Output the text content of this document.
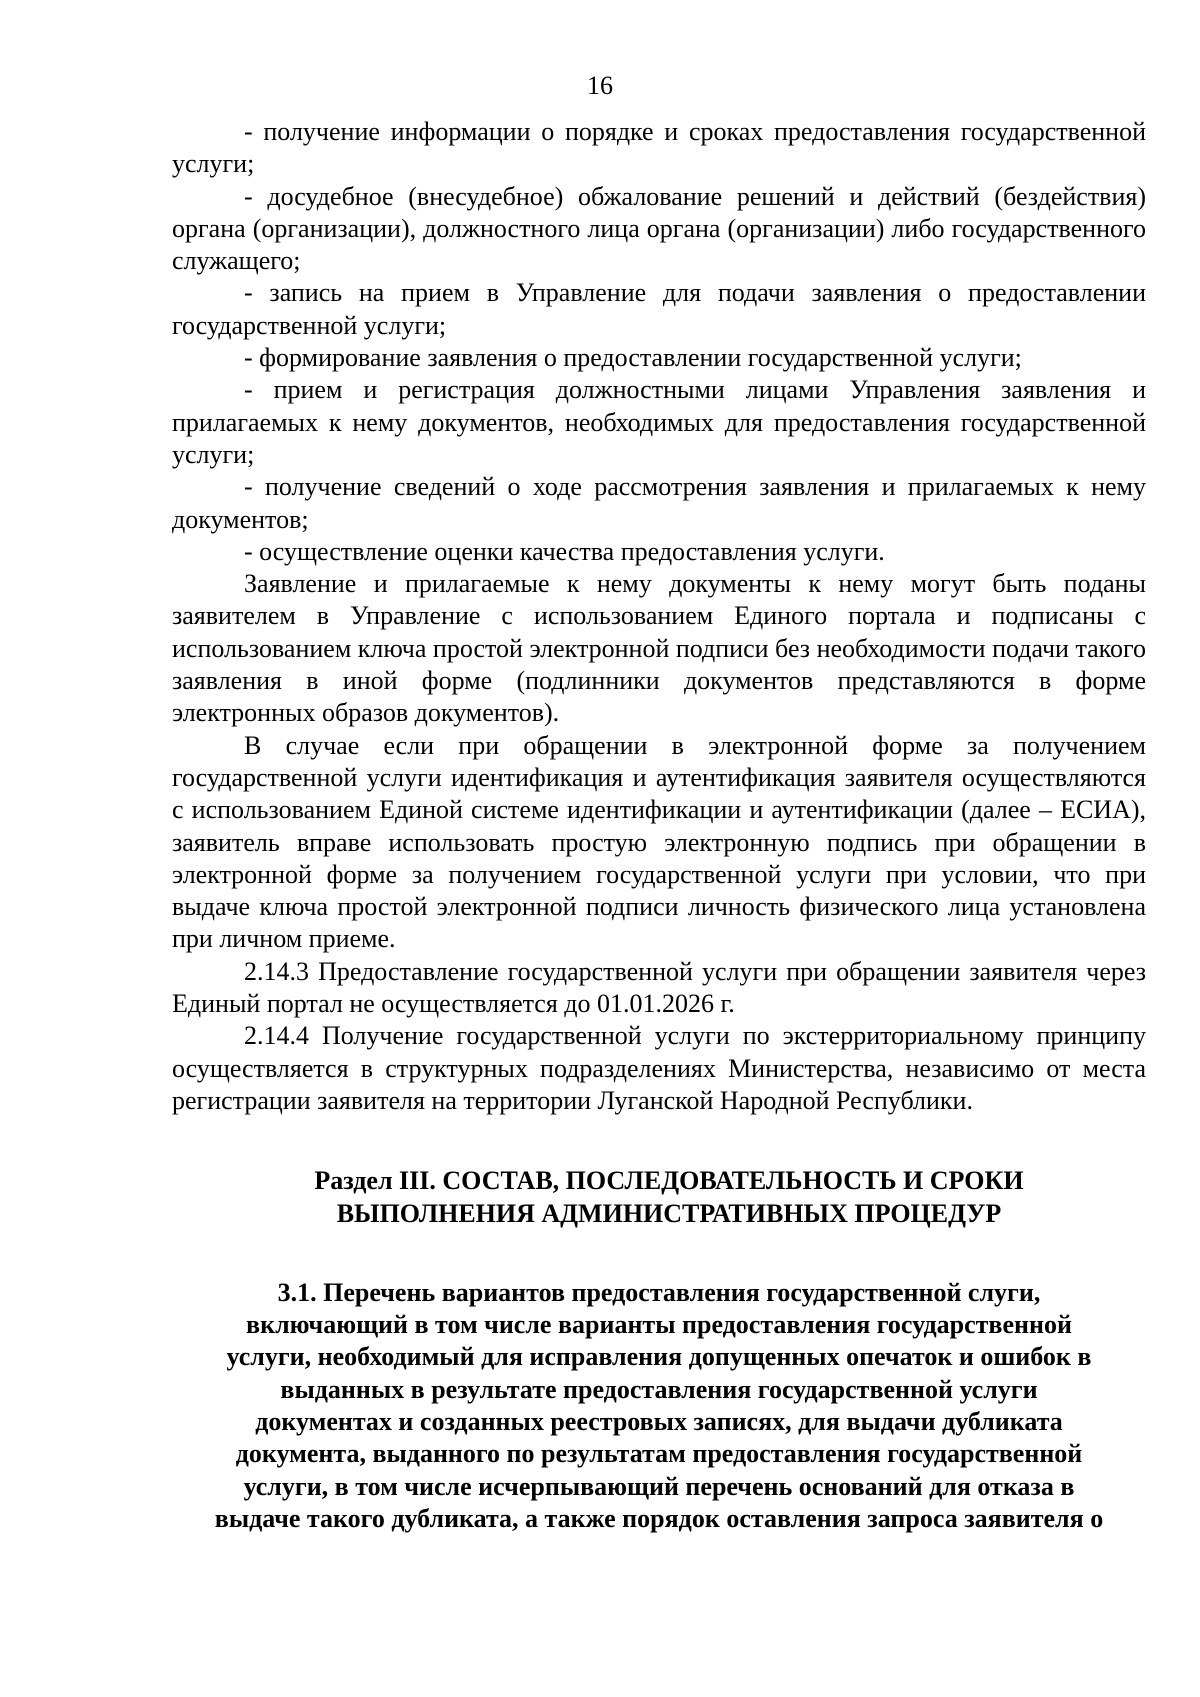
16

- получение информации о порядке и сроках предоставления государственной услуги;

- досудебное (внесудебное) обжалование решений и действий (бездействия) органа (организации), должностного лица органа (организации) либо государственного служащего;

- запись на прием в Управление для подачи заявления о предоставлении государственной услуги;

- формирование заявления о предоставлении государственной услуги;

- прием и регистрация должностными лицами Управления заявления и прилагаемых к нему документов, необходимых для предоставления государственной услуги;

- получение сведений о ходе рассмотрения заявления и прилагаемых к нему документов;

- осуществление оценки качества предоставления услуги.

Заявление и прилагаемые к нему документы к нему могут быть поданы заявителем в Управление с использованием Единого портала и подписаны с использованием ключа простой электронной подписи без необходимости подачи такого заявления в иной форме (подлинники документов представляются в форме электронных образов документов).

В случае если при обращении в электронной форме за получением государственной услуги идентификация и аутентификация заявителя осуществляются с использованием Единой системе идентификации и аутентификации (далее – ЕСИА), заявитель вправе использовать простую электронную подпись при обращении в электронной форме за получением государственной услуги при условии, что при выдаче ключа простой электронной подписи личность физического лица установлена при личном приеме.

2.14.3 Предоставление государственной услуги при обращении заявителя через Единый портал не осуществляется до 01.01.2026 г.

2.14.4 Получение государственной услуги по экстерриториальному принципу осуществляется в структурных подразделениях Министерства, независимо от места регистрации заявителя на территории Луганской Народной Республики.

Раздел III. СОСТАВ, ПОСЛЕДОВАТЕЛЬНОСТЬ И СРОКИ ВЫПОЛНЕНИЯ АДМИНИСТРАТИВНЫХ ПРОЦЕДУР

3.1. Перечень вариантов предоставления государственной слуги,
включающий в том числе варианты предоставления государственной
услуги, необходимый для исправления допущенных опечаток и ошибок в
выданных в результате предоставления государственной услуги
документах и созданных реестровых записях, для выдачи дубликата
документа, выданного по результатам предоставления государственной
услуги, в том числе исчерпывающий перечень оснований для отказа в
выдаче такого дубликата, а также порядок оставления запроса заявителя о
